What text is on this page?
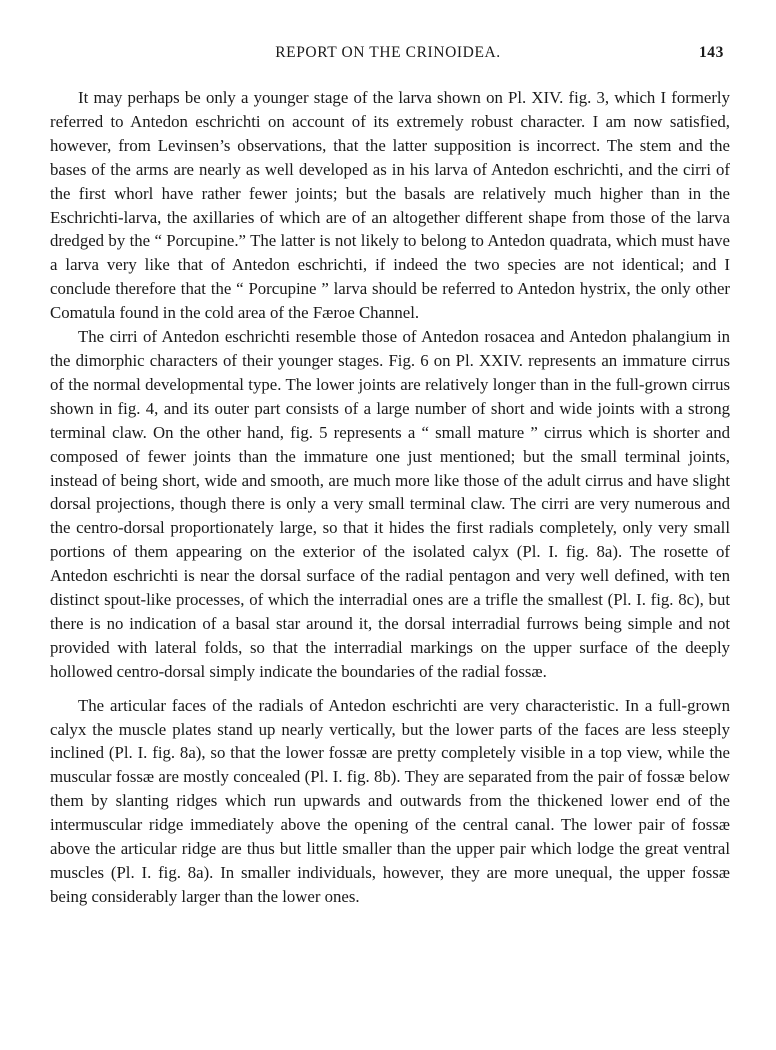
REPORT ON THE CRINOIDEA.	143

It may perhaps be only a younger stage of the larva shown on Pl. XIV. fig. 3, which I formerly referred to Antedon eschrichti on account of its extremely robust character. I am now satisfied, however, from Levinsen’s observations, that the latter supposition is incorrect. The stem and the bases of the arms are nearly as well developed as in his larva of Antedon eschrichti, and the cirri of the first whorl have rather fewer joints; but the basals are relatively much higher than in the Eschrichti-larva, the axillaries of which are of an altogether different shape from those of the larva dredged by the “ Porcupine.” The latter is not likely to belong to Antedon quadrata, which must have a larva very like that of Antedon eschrichti, if indeed the two species are not identical; and I conclude therefore that the “ Porcupine ” larva should be referred to Antedon hystrix, the only other Comatula found in the cold area of the Færoe Channel.

The cirri of Antedon eschrichti resemble those of Antedon rosacea and Antedon phalangium in the dimorphic characters of their younger stages. Fig. 6 on Pl. XXIV. represents an immature cirrus of the normal developmental type. The lower joints are relatively longer than in the full-grown cirrus shown in fig. 4, and its outer part consists of a large number of short and wide joints with a strong terminal claw. On the other hand, fig. 5 represents a “ small mature ” cirrus which is shorter and composed of fewer joints than the immature one just mentioned; but the small terminal joints, instead of being short, wide and smooth, are much more like those of the adult cirrus and have slight dorsal projections, though there is only a very small terminal claw. The cirri are very numerous and the centro-dorsal proportionately large, so that it hides the first radials completely, only very small portions of them appearing on the exterior of the isolated calyx (Pl. I. fig. 8a). The rosette of Antedon eschrichti is near the dorsal surface of the radial pentagon and very well defined, with ten distinct spout-like processes, of which the interradial ones are a trifle the smallest (Pl. I. fig. 8c), but there is no indication of a basal star around it, the dorsal interradial furrows being simple and not provided with lateral folds, so that the interradial markings on the upper surface of the deeply hollowed centro-dorsal simply indicate the boundaries of the radial fossæ.

The articular faces of the radials of Antedon eschrichti are very characteristic. In a full-grown calyx the muscle plates stand up nearly vertically, but the lower parts of the faces are less steeply inclined (Pl. I. fig. 8a), so that the lower fossæ are pretty completely visible in a top view, while the muscular fossæ are mostly concealed (Pl. I. fig. 8b). They are separated from the pair of fossæ below them by slanting ridges which run upwards and outwards from the thickened lower end of the intermuscular ridge immediately above the opening of the central canal. The lower pair of fossæ above the articular ridge are thus but little smaller than the upper pair which lodge the great ventral muscles (Pl. I. fig. 8a). In smaller individuals, however, they are more unequal, the upper fossæ being considerably larger than the lower ones.
